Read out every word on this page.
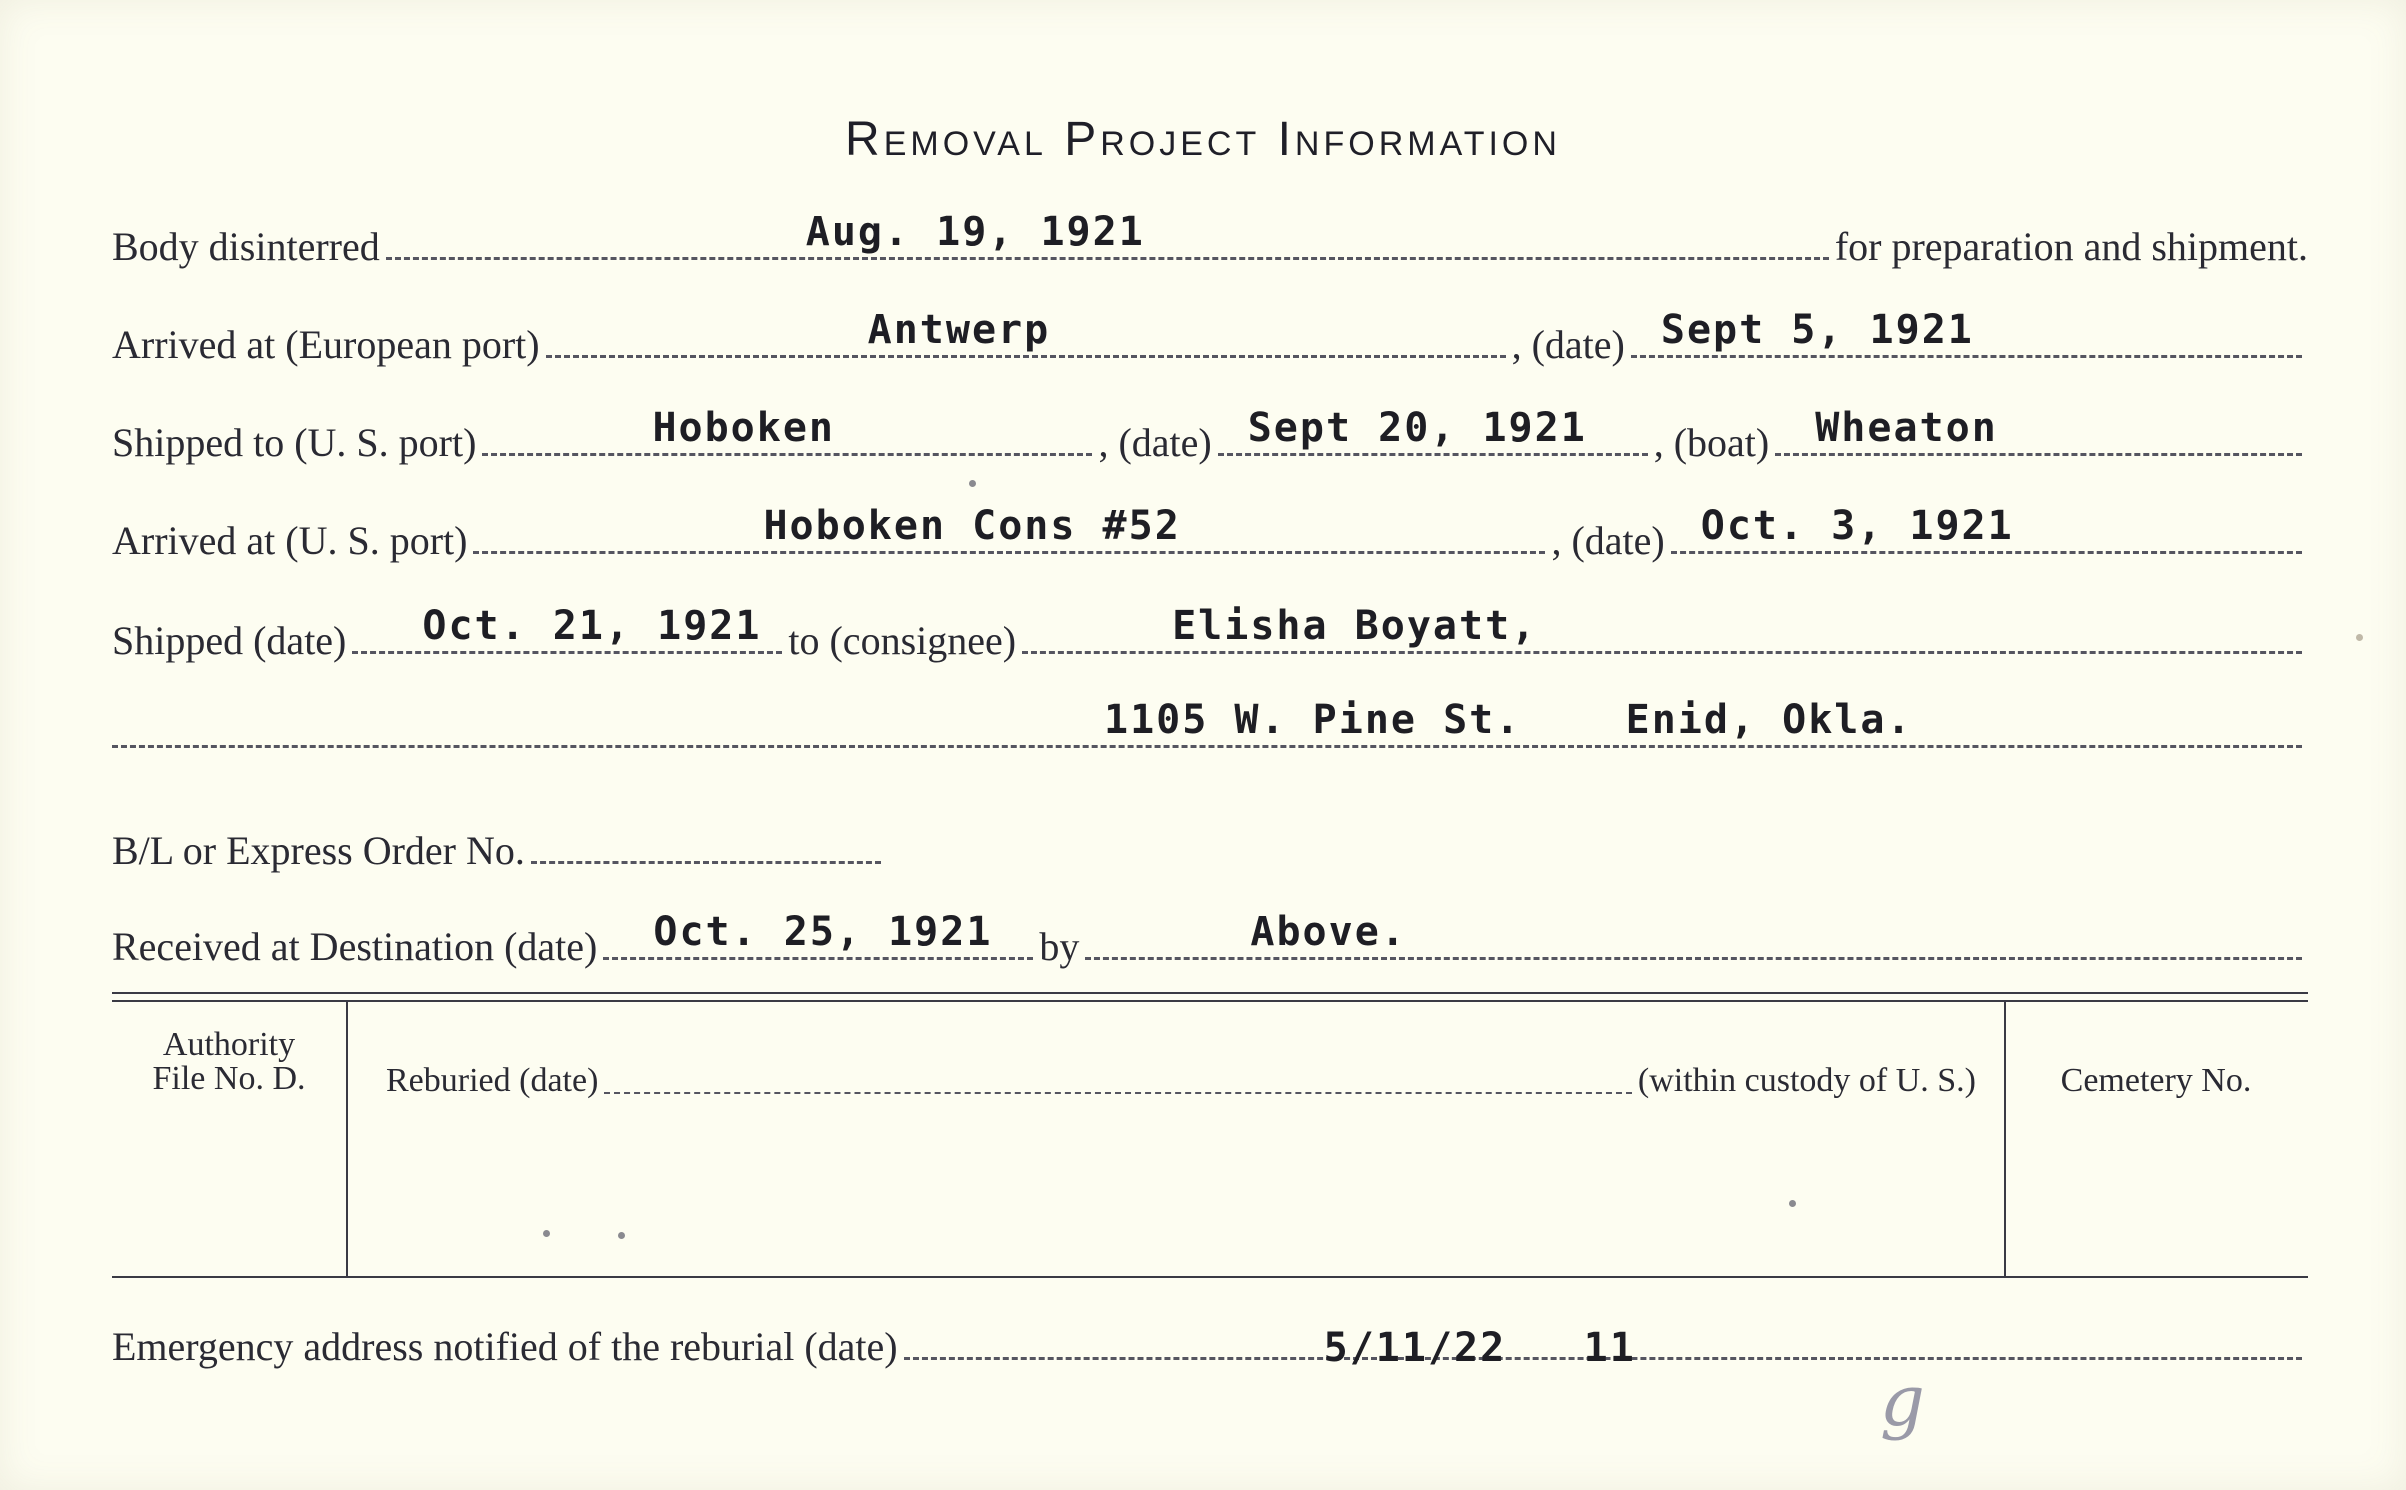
Removal Project Information
Body disinterred	Aug. 19, 1921	for preparation and shipment.
Arrived at (European port)	Antwerp	, (date) Sept 5, 1921
Shipped to (U. S. port)	Hoboken	, (date) Sept 20, 1921 , (boat) Wheaton
Arrived at (U. S. port)	Hoboken Cons #52	, (date) Oct. 3, 1921
Shipped (date) Oct. 21, 1921 to (consignee)	Elisha Boyatt,
1105 W. Pine St.    Enid, Okla.
B/L or Express Order No.
Received at Destination (date) Oct. 25, 1921 by	Above.
Authority
File No. D.	Reburied (date)	(within custody of U. S.)	Cemetery No.
Emergency address notified of the reburial (date)	5/11/22 11
g
